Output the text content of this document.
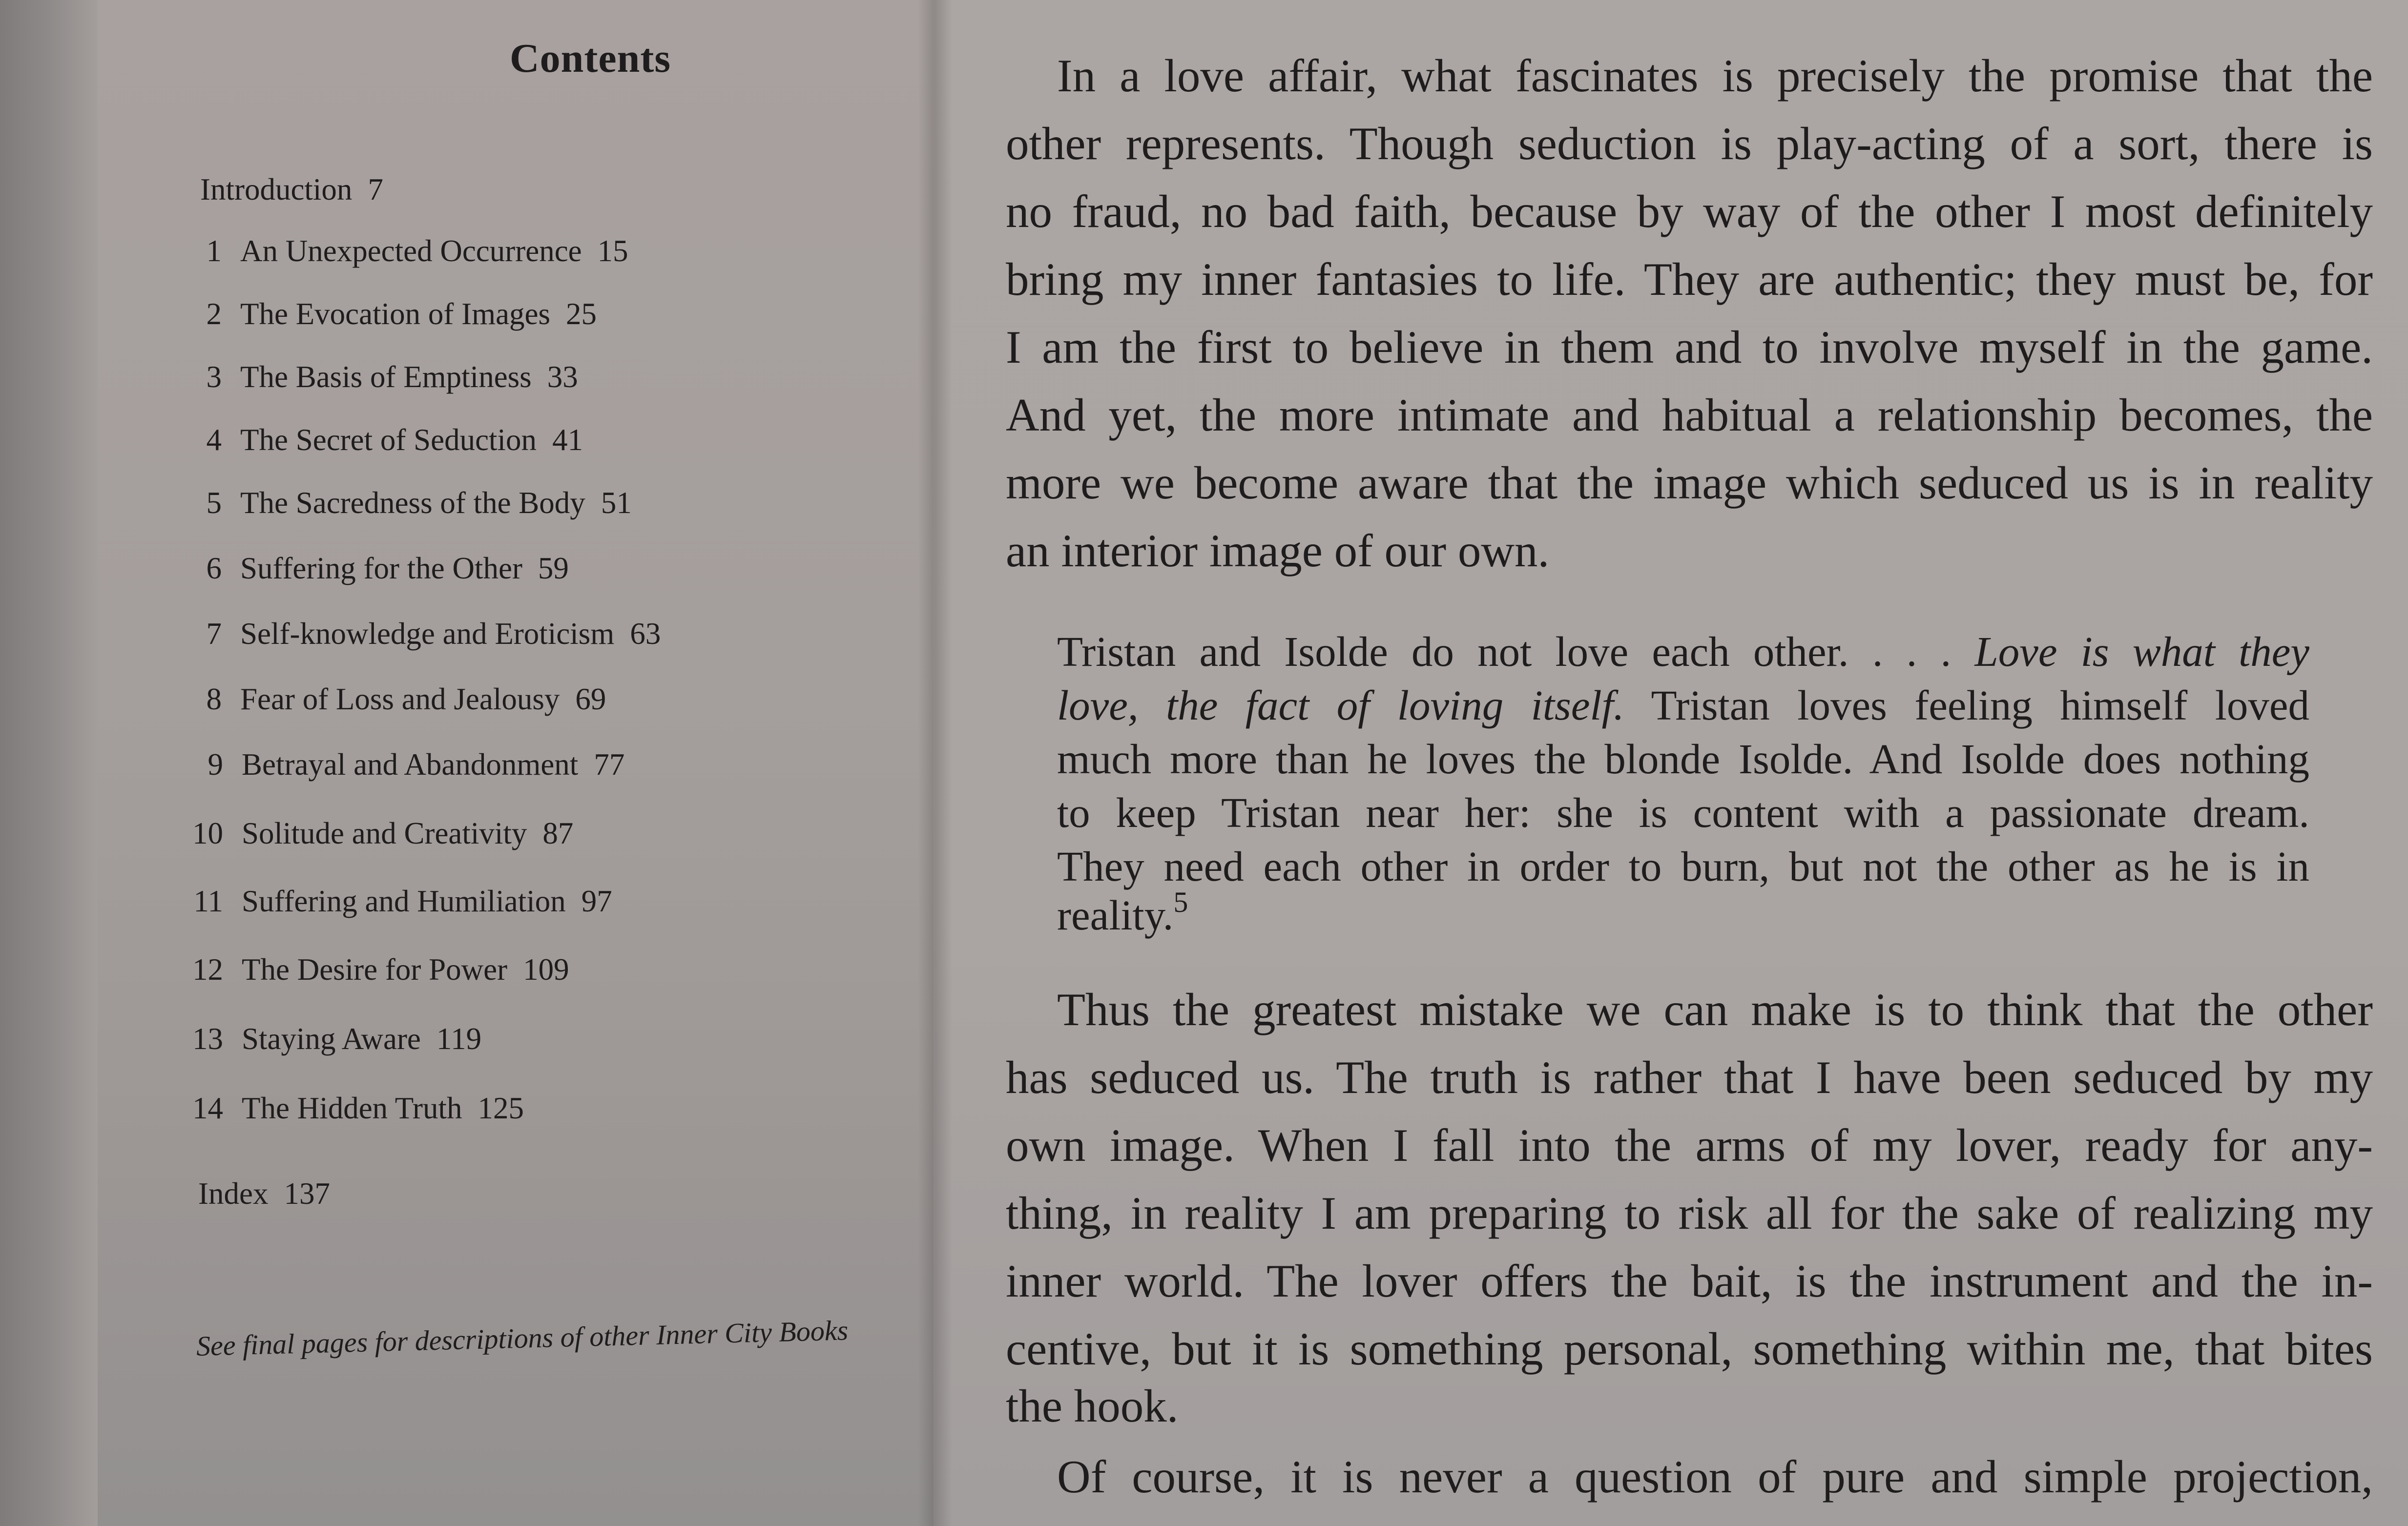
Contents
Introduction 7
1 An Unexpected Occurrence 15
2 The Evocation of Images 25
3 The Basis of Emptiness 33
4 The Secret of Seduction 41
5 The Sacredness of the Body 51
6 Suffering for the Other 59
7 Self-knowledge and Eroticism 63
8 Fear of Loss and Jealousy 69
9 Betrayal and Abandonment 77
10 Solitude and Creativity 87
11 Suffering and Humiliation 97
12 The Desire for Power 109
13 Staying Aware 119
14 The Hidden Truth 125
Index 137
See final pages for descriptions of other Inner City Books
In a love affair, what fascinates is precisely the promise that the
other represents. Though seduction is play-acting of a sort, there is
no fraud, no bad faith, because by way of the other I most definitely
bring my inner fantasies to life. They are authentic; they must be, for
I am the first to believe in them and to involve myself in the game.
And yet, the more intimate and habitual a relationship becomes, the
more we become aware that the image which seduced us is in reality
an interior image of our own.
Tristan and Isolde do not love each other. . . . Love is what they
love, the fact of loving itself. Tristan loves feeling himself loved
much more than he loves the blonde Isolde. And Isolde does nothing
to keep Tristan near her: she is content with a passionate dream.
They need each other in order to burn, but not the other as he is in
reality.$^5$
Thus the greatest mistake we can make is to think that the other
has seduced us. The truth is rather that I have been seduced by my
own image. When I fall into the arms of my lover, ready for any-
thing, in reality I am preparing to risk all for the sake of realizing my
inner world. The lover offers the bait, is the instrument and the in-
centive, but it is something personal, something within me, that bites
the hook.
Of course, it is never a question of pure and simple projection,
